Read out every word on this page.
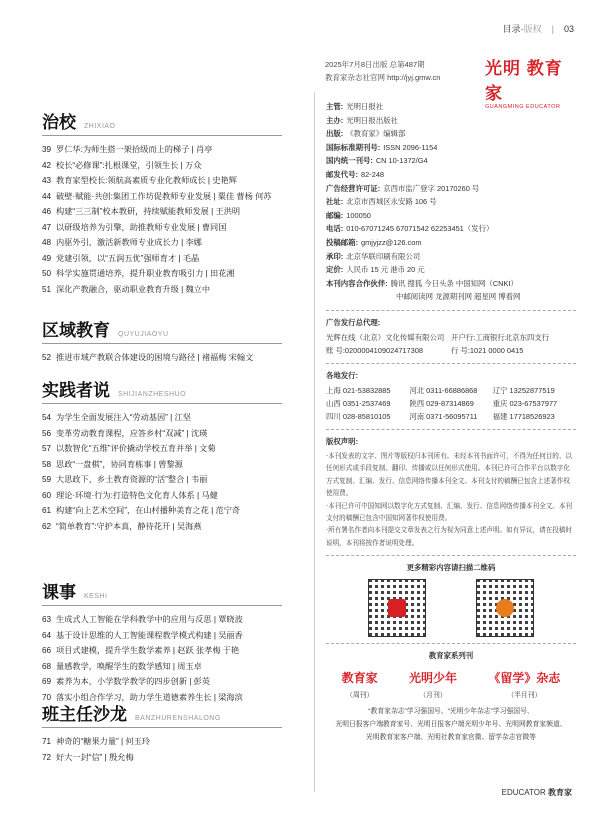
目录 · 版权 | 03
2025年7月8日出版 总第487期
教育家杂志社官网 http://jyj.gmw.cn	光明 教育家
GUANGMING EDUCATOR
治校 ZHIXIAO
39 罗仁华:为师生搭一架拾级而上的梯子 | 肖亭
42 校长“必修课”:扎根课堂，引领生长 | 万众
43 教育家型校长:领航高素质专业化教师成长 | 史艳辉
44 破壁·赋能·共创:集团工作坊促教师专业发展 | 粟佳 曹杨 何苏
46 构建“三三制”校本教研，持续赋能教师发展 | 王洪明
47 以研级培养为引擎，助推教师专业发展 | 曹同国
48 内驱外引，激活新教师专业成长力 | 李娜
49 党建引领，以“五润五优”强师育才 | 毛晶
50 科学实施贯通培养，提升职业教育吸引力 | 田花湘
51 深化产教融合，驱动职业教育升级 | 魏立中
区域教育 QUYUJIAOYU
52 推进市域产教联合体建设的困境与路径 | 褚福梅 宋翰文
实践者说 SHIJIANZHESHUO
54 为学生全面发展注入“劳动基因” | 江坚
56 变革劳动教育课程，应答乡村“双减” | 沈瑛
57 以数智化“五维”评价撬动学校五育并举 | 文菊
58 思政“一盘棋”，协同育栋事 | 曾黎源
59 大思政下，乡土教育资源的“活”整合 | 韦丽
60 理论·环境·行为:打造特色文化育人体系 | 马健
61 构建“向上艺术空间”，在山村播种美育之花 | 范宁奇
62 “简单教育”:守护本真，静待花开 | 吴海燕
课事 KESHI
63 生成式人工智能在学科教学中的应用与反思 | 覃晓波
64 基于设计思维的人工智能课程教学模式构建 | 吴丽香
66 项目式建模，提升学生数学素养 | 赵跃 张孝梅 于艳
68 量感教学，唤醒学生的数学感知 | 周玉卓
69 素养为本，小学数学教学的四步创新 | 彭英
70 落实小组合作学习，助力学生道德素养生长 | 梁海滨
班主任沙龙 BANZHURENSHALONG
71 神奇的“糖果力量” | 何玉玲
72 好大一封“信” | 殷允梅
主管: 光明日报社
主办: 光明日报出版社
出版: 《教育家》编辑部
国际标准期刊号: ISSN 2096-1154
国内统一刊号: CN 10-1372/G4
邮发代号: 82-248
广告经营许可证: 京西市监广登字 20170260 号
社址: 北京市西城区永安路 106 号
邮编: 100050
电话: 010-67071245 67071542 62253451（发行）
投稿邮箱: gmjyjzz@126.com
承印: 北京华联印刷有限公司
定价: 人民币 15 元 港币 20 元
本刊内容合作伙伴: 腾讯 搜狐 今日头条 中国知网（CNKI）
中邮阅读网 龙源期刊网 超星网 博看网
广告发行总代理:
光辉在线（北京）文化传媒有限公司 开户行:工商银行北京东四支行
账 号:0200004109024717308	行 号:1021 0000 0415
各地发行:
上海 021-53832885	河北 0311-66886868	辽宁 13252877519
山西 0351-2537469	陕西 029-87314869	重庆 023-67537977
四川 028-85810105	河南 0371-56095711	福建 17718526923
版权声明:
·本刊发表的文字、图片等版权归本刊所有。未经本刊书面许可，不得为任何目的、以任何形式或手段复制、翻印、传播或以任何形式使用。本刊已许可合作平台以数字化方式复制、汇编、发行、信息网络传播本刊全文。本刊支付的稿酬已包含上述著作权使用费。
·本刊已许可中国知网以数字化方式复制、汇编、发行、信息网络传播本刊全文。本刊支付的稿酬已包含中国知网著作权使用费。
·所有署名作者向本刊提交文章发表之行为视为同意上述声明。如有异议，请在投稿时说明，本刊将按作者说明处理。
更多精彩内容请扫描二维码
教育家系列刊
教育家
（周刊）
光明少年
（月刊）
《留学》杂志
（半月刊）
“教育家杂志”学习强国号、“光明少年杂志”学习强国号、
光明日报客户端教育家号、光明日报客户端光明少年号、光明网教育家频道、
光明教育家客户端、光明社教育家官微、留学杂志官微等
EDUCATOR 教育家
